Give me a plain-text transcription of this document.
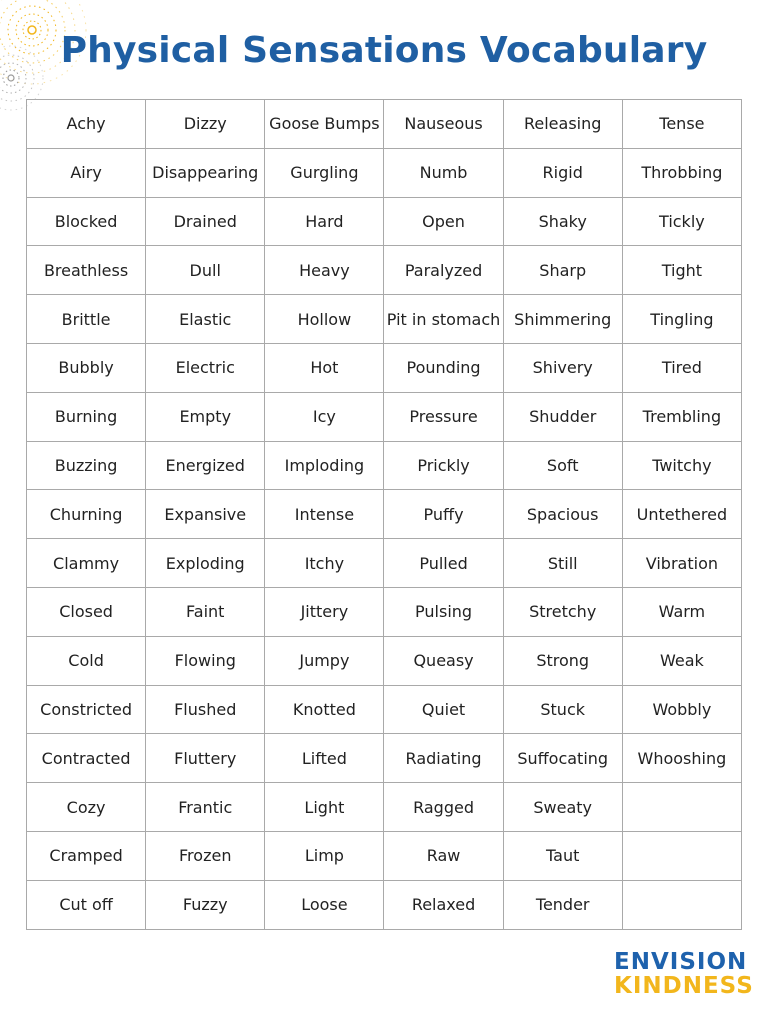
Physical Sensations Vocabulary
Achy	Dizzy	Goose Bumps	Nauseous	Releasing	Tense
Airy	Disappearing	Gurgling	Numb	Rigid	Throbbing
Blocked	Drained	Hard	Open	Shaky	Tickly
Breathless	Dull	Heavy	Paralyzed	Sharp	Tight
Brittle	Elastic	Hollow	Pit in stomach	Shimmering	Tingling
Bubbly	Electric	Hot	Pounding	Shivery	Tired
Burning	Empty	Icy	Pressure	Shudder	Trembling
Buzzing	Energized	Imploding	Prickly	Soft	Twitchy
Churning	Expansive	Intense	Puffy	Spacious	Untethered
Clammy	Exploding	Itchy	Pulled	Still	Vibration
Closed	Faint	Jittery	Pulsing	Stretchy	Warm
Cold	Flowing	Jumpy	Queasy	Strong	Weak
Constricted	Flushed	Knotted	Quiet	Stuck	Wobbly
Contracted	Fluttery	Lifted	Radiating	Suffocating	Whooshing
Cozy	Frantic	Light	Ragged	Sweaty	
Cramped	Frozen	Limp	Raw	Taut	
Cut off	Fuzzy	Loose	Relaxed	Tender	
ENVISION
KINDNESS
